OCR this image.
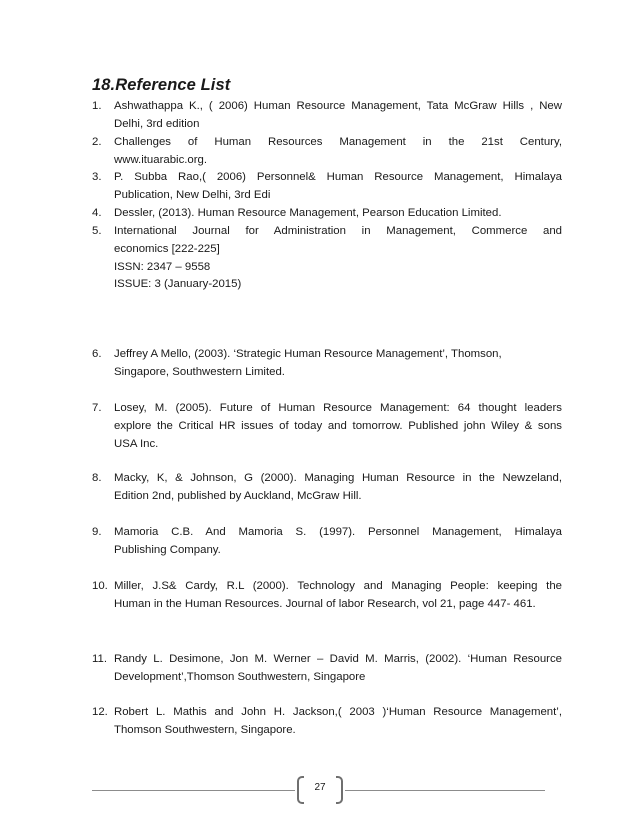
18.Reference List
1. Ashwathappa K., ( 2006) Human Resource Management, Tata McGraw Hills , New
Delhi, 3rd edition
2. Challenges of Human Resources Management in the 21st Century,
www.ituarabic.org.
3. P. Subba Rao,( 2006) Personnel& Human Resource Management, Himalaya
Publication, New Delhi, 3rd Edi
4. Dessler, (2013). Human Resource Management, Pearson Education Limited.
5. International Journal for Administration in Management, Commerce and
economics [222-225]
ISSN: 2347 – 9558
ISSUE: 3 (January-2015)
6. Jeffrey A Mello, (2003). ‘Strategic Human Resource Management’, Thomson,
Singapore, Southwestern Limited.
7. Losey, M. (2005). Future of Human Resource Management: 64 thought leaders
explore the Critical HR issues of today and tomorrow. Published john Wiley & sons
USA Inc.
8. Macky, K, & Johnson, G (2000). Managing Human Resource in the Newzeland,
Edition 2nd, published by Auckland, McGraw Hill.
9. Mamoria C.B. And Mamoria S. (1997). Personnel Management, Himalaya
Publishing Company.
10. Miller, J.S& Cardy, R.L (2000). Technology and Managing People: keeping the
Human in the Human Resources. Journal of labor Research, vol 21, page 447- 461.
11. Randy L. Desimone, Jon M. Werner – David M. Marris, (2002). ‘Human Resource
Development’,Thomson Southwestern, Singapore
12. Robert L. Mathis and John H. Jackson,( 2003 )‘Human Resource Management’,
Thomson Southwestern, Singapore.
27
